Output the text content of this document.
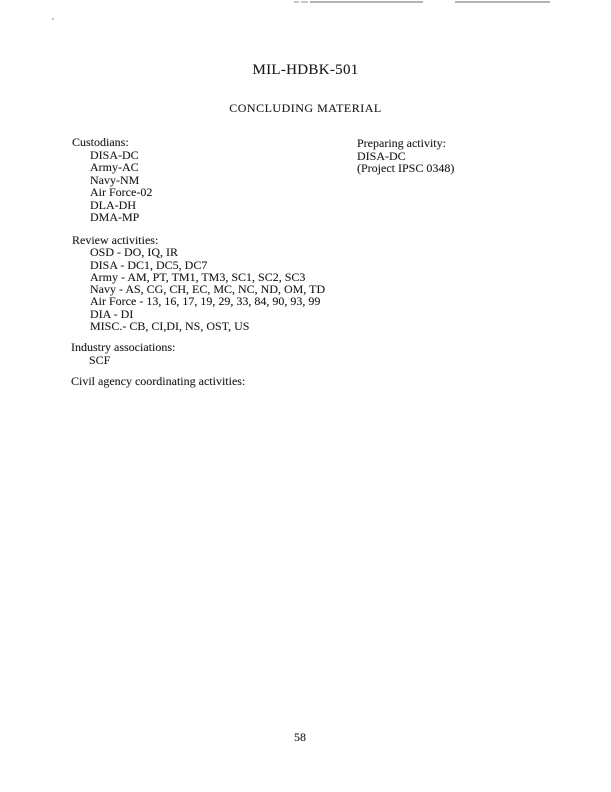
MIL-HDBK-501
CONCLUDING MATERIAL
Custodians:
DISA-DC
Army-AC
Navy-NM
Air Force-02
DLA-DH
DMA-MP
Preparing activity:
DISA-DC
(Project IPSC 0348)
Review activities:
OSD - DO, IQ, IR
DISA - DC1, DC5, DC7
Army - AM, PT, TM1, TM3, SC1, SC2, SC3
Navy - AS, CG, CH, EC, MC, NC, ND, OM, TD
Air Force - 13, 16, 17, 19, 29, 33, 84, 90, 93, 99
DIA - DI
MISC.- CB, CI,DI, NS, OST, US
Industry associations:
SCF
Civil agency coordinating activities:
58
